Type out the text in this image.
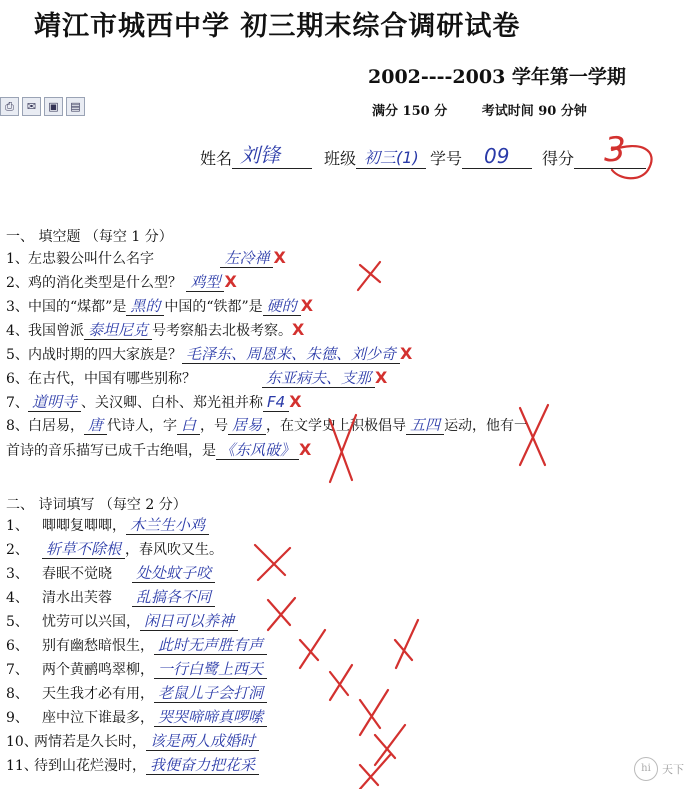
靖江市城西中学 初三期末综合调研试卷
2002----2003 学年第一学期
满分 150 分	考试时间 90 分钟
⎙	✉	▣	▤
姓名 刘锋	班级 初三(1) 学号 09 得分 3
一、 填空题 （每空 1 分）
1、左忠毅公叫什么名字	左冷禅 X
2、鸡的消化类型是什么型？ 鸡型 X
3、中国的“煤都”是 黑的 中国的“铁都”是 硬的 X
4、我国曾派 泰坦尼克 号考察船去北极考察。X
5、内战时期的四大家族是？ 毛泽东、周恩来、朱德、刘少奇 X
6、在古代，中国有哪些别称？	东亚病夫、支那 X
7、 道明寺 、关汉卿、白朴、郑光祖并称 F4 X
8、白居易， 唐 代诗人，字 白 ，号 居易 ，在文学史上积极倡导 五四 运动，他有一
首诗的音乐描写已成千古绝唱，是 《东风破》 X
二、 诗词填写 （每空 2 分）
1、 唧唧复唧唧， 木兰生小鸡
2、 斩草不除根 ，春风吹又生。
3、 春眠不觉晓 处处蚊子咬
4、 清水出芙蓉 乱搞各不同
5、 忧劳可以兴国， 闲日可以养神
6、 别有幽愁暗恨生， 此时无声胜有声
7、 两个黄鹂鸣翠柳， 一行白鹭上西天
8、 天生我才必有用， 老鼠儿子会打洞
9、 座中泣下谁最多， 哭哭啼啼真啰嗦
10、两情若是久长时， 该是两人成婚时
11、待到山花烂漫时， 我便奋力把花采	hi	天下
